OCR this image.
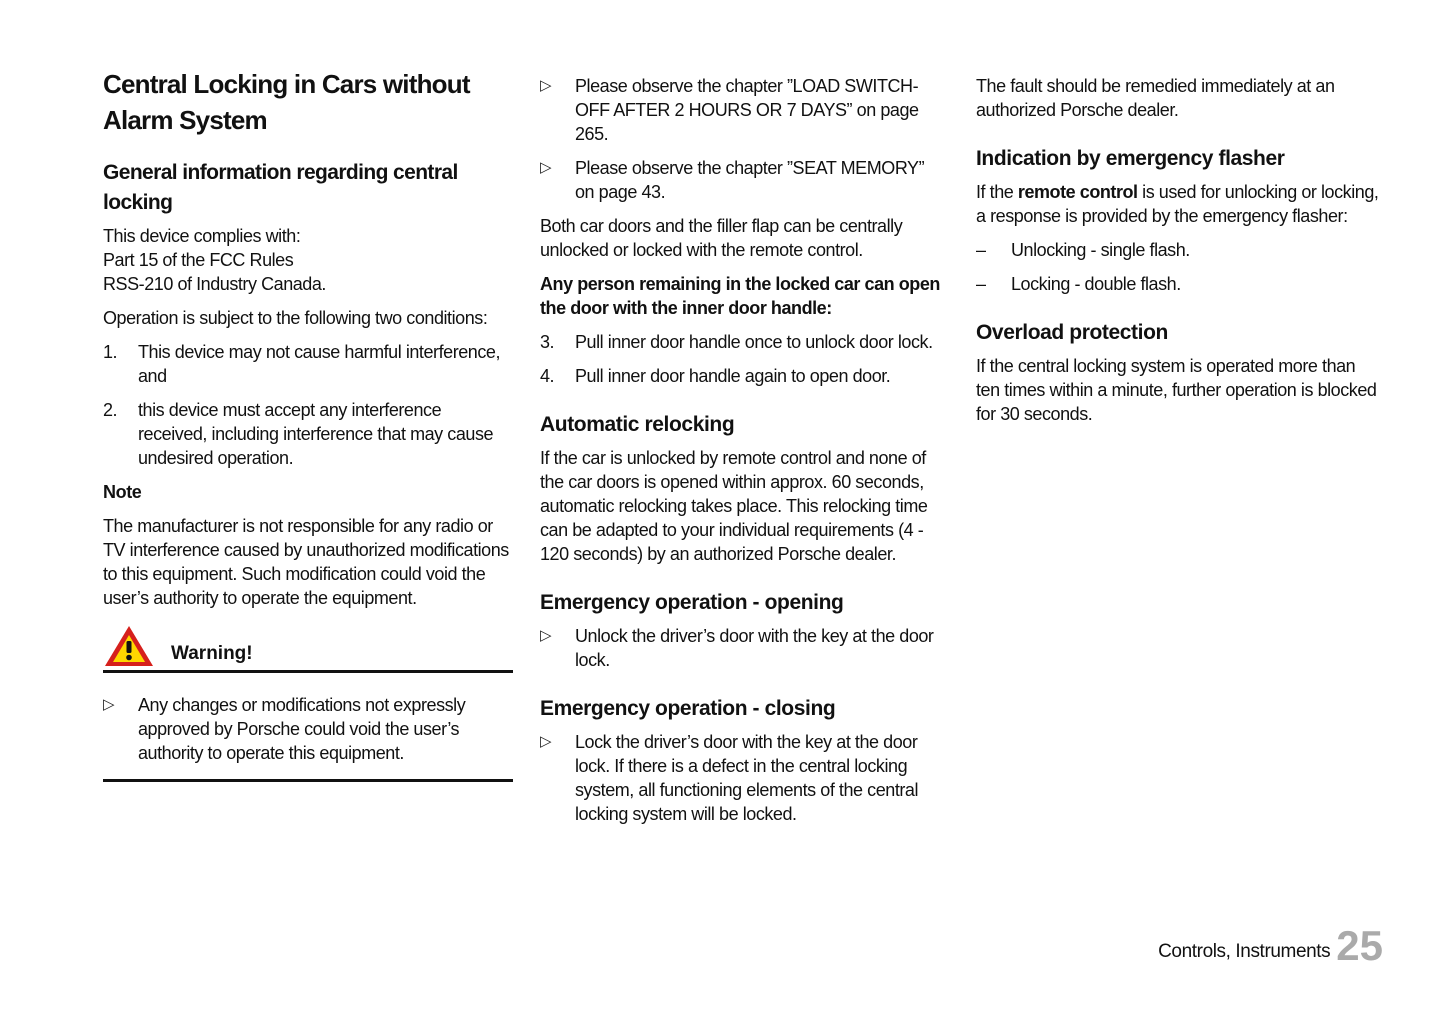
Central Locking in Cars without Alarm System
General information regarding central locking
This device complies with:
Part 15 of the FCC Rules
RSS-210 of Industry Canada.
Operation is subject to the following two conditions:
1.	This device may not cause harmful interference, and
2.	this device must accept any interference received, including interference that may cause undesired operation.
Note
The manufacturer is not responsible for any radio or TV interference caused by unauthorized modifications to this equipment. Such modification could void the user’s authority to operate the equipment.
Warning!
▷	Any changes or modifications not expressly approved by Porsche could void the user’s authority to operate this equipment.
▷	Please observe the chapter ”LOAD SWITCH-OFF AFTER 2 HOURS OR 7 DAYS” on page 265.
▷	Please observe the chapter ”SEAT MEMORY” on page 43.
Both car doors and the filler flap can be centrally unlocked or locked with the remote control.
Any person remaining in the locked car can open the door with the inner door handle:
3.	Pull inner door handle once to unlock door lock.
4.	Pull inner door handle again to open door.
Automatic relocking
If the car is unlocked by remote control and none of the car doors is opened within approx. 60 seconds, automatic relocking takes place. This relocking time can be adapted to your individual requirements (4 - 120 seconds) by an authorized Porsche dealer.
Emergency operation - opening
▷	Unlock the driver’s door with the key at the door lock.
Emergency operation - closing
▷	Lock the driver’s door with the key at the door lock. If there is a defect in the central locking system, all functioning elements of the central locking system will be locked.
The fault should be remedied immediately at an authorized Porsche dealer.
Indication by emergency flasher
If the remote control is used for unlocking or locking, a response is provided by the emergency flasher:
–	Unlocking - single flash.
–	Locking - double flash.
Overload protection
If the central locking system is operated more than ten times within a minute, further operation is blocked for 30 seconds.
Controls, Instruments 25
